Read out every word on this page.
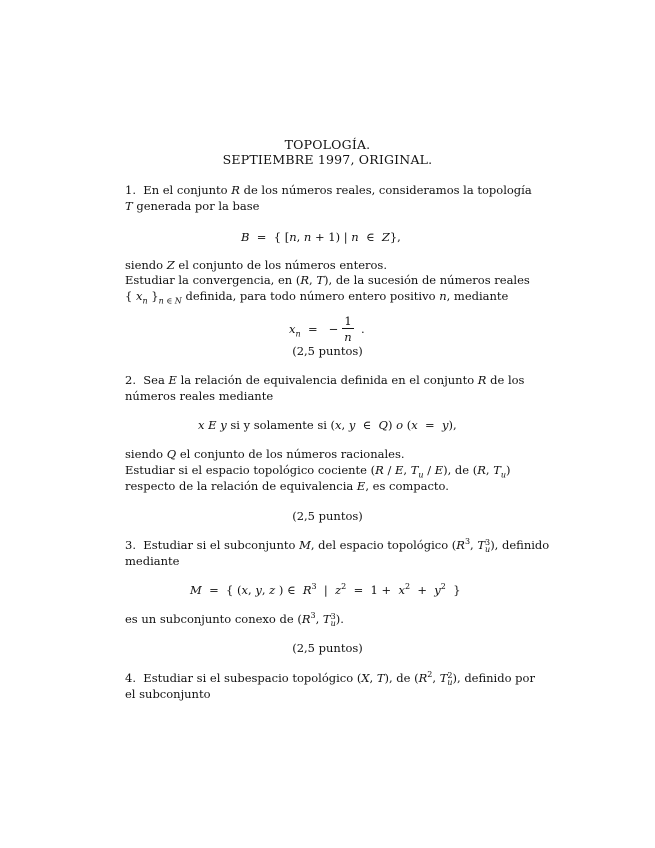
TOPOLOGÍA.
SEPTIEMBRE 1997, ORIGINAL.
1. En el conjunto R de los números reales, consideramos la topología
T generada por la base
B = { [n, n + 1) | n ∈ Z},
siendo Z el conjunto de los números enteros.
Estudiar la convergencia, en (R, T), de la sucesión de números reales
{ $x_n$ }$_{n \in N}$ definida, para todo número entero positivo n, mediante
$x_n$ = −
1
n
.
(2,5 puntos)
2. Sea E la relación de equivalencia definida en el conjunto R de los
números reales mediante
x E y si y solamente si (x, y ∈ Q) o (x = y),
siendo Q el conjunto de los números racionales.
Estudiar si el espacio topológico cociente (R / E, $T_u / E$), de (R, $T_u$)
respecto de la relación de equivalencia E, es compacto.
(2,5 puntos)
3. Estudiar si el subconjunto M, del espacio topológico ($R^3$, T 3
u ), definido
mediante
M = { (x, y, z ) ∈ $R^3$ | $z^2 = 1 + x^2 + y^2$ }
es un subconjunto conexo de ($R^3$, T 3
u ).
(2,5 puntos)
4. Estudiar si el subespacio topológico (X, T), de ($R^2$, T 2
u ), definido por
el subconjunto
